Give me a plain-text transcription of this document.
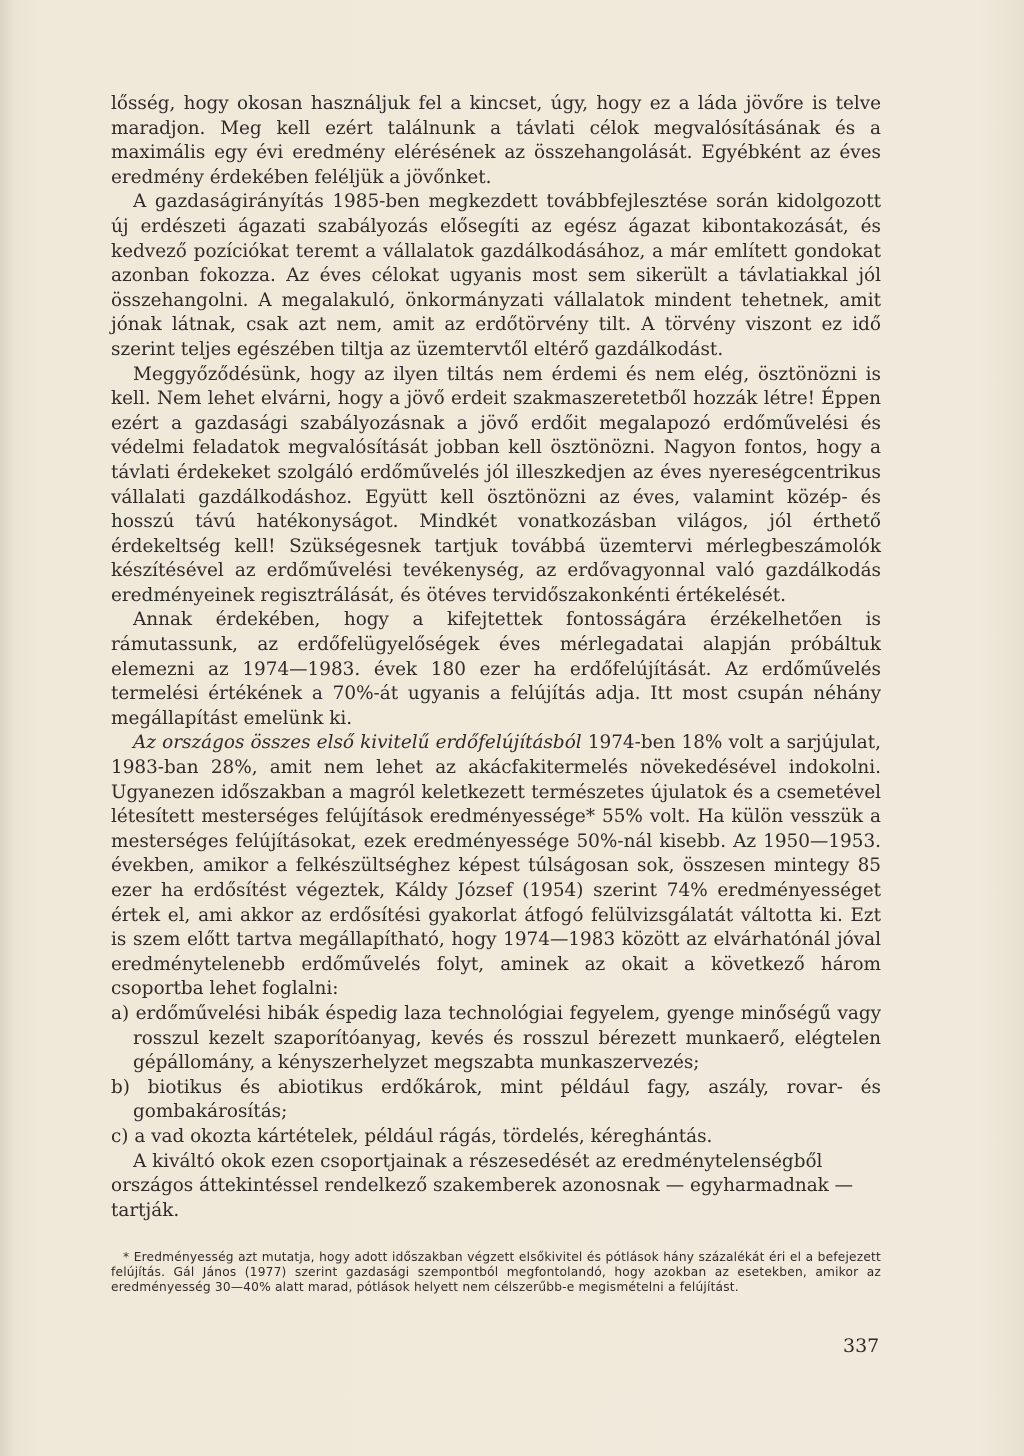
lősség, hogy okosan használjuk fel a kincset, úgy, hogy ez a láda jövőre is telve maradjon. Meg kell ezért találnunk a távlati célok megvalósításának és a maximális egy évi eredmény elérésének az összehangolását. Egyébként az éves eredmény érdekében feléljük a jövőnket.

A gazdaságirányítás 1985-ben megkezdett továbbfejlesztése során kidolgozott új erdészeti ágazati szabályozás elősegíti az egész ágazat kibontakozását, és kedvező pozíciókat teremt a vállalatok gazdálkodásához, a már említett gondokat azonban fokozza. Az éves célokat ugyanis most sem sikerült a távlatiakkal jól összehangolni. A megalakuló, önkormányzati vállalatok mindent tehetnek, amit jónak látnak, csak azt nem, amit az erdőtörvény tilt. A törvény viszont ez idő szerint teljes egészében tiltja az üzemtervtől eltérő gazdálkodást.

Meggyőződésünk, hogy az ilyen tiltás nem érdemi és nem elég, ösztönözni is kell. Nem lehet elvárni, hogy a jövő erdeit szakmaszeretetből hozzák létre! Éppen ezért a gazdasági szabályozásnak a jövő erdőit megalapozó erdőművelési és védelmi feladatok megvalósítását jobban kell ösztönözni. Nagyon fontos, hogy a távlati érdekeket szolgáló erdőművelés jól illeszkedjen az éves nyereségcentrikus vállalati gazdálkodáshoz. Együtt kell ösztönözni az éves, valamint közép- és hosszú távú hatékonyságot. Mindkét vonatkozásban világos, jól érthető érdekeltség kell! Szükségesnek tartjuk továbbá üzemtervi mérlegbeszámolók készítésével az erdőművelési tevékenység, az erdővagyonnal való gazdálkodás eredményeinek regisztrálását, és ötéves tervidőszakonkénti értékelését.

Annak érdekében, hogy a kifejtettek fontosságára érzékelhetően is rámutassunk, az erdőfelügyelőségek éves mérlegadatai alapján próbáltuk elemezni az 1974—1983. évek 180 ezer ha erdőfelújítását. Az erdőművelés termelési értékének a 70%-át ugyanis a felújítás adja. Itt most csupán néhány megállapítást emelünk ki.

Az országos összes első kivitelű erdőfelújításból 1974-ben 18% volt a sarjújulat, 1983-ban 28%, amit nem lehet az akácfakitermelés növekedésével indokolni. Ugyanezen időszakban a magról keletkezett természetes újulatok és a csemetével létesített mesterséges felújítások eredményessége* 55% volt. Ha külön vesszük a mesterséges felújításokat, ezek eredményessége 50%-nál kisebb. Az 1950—1953. években, amikor a felkészültséghez képest túlságosan sok, összesen mintegy 85 ezer ha erdősítést végeztek, Káldy József (1954) szerint 74% eredményességet értek el, ami akkor az erdősítési gyakorlat átfogó felülvizsgálatát váltotta ki. Ezt is szem előtt tartva megállapítható, hogy 1974—1983 között az elvárhatónál jóval eredménytelenebb erdőművelés folyt, aminek az okait a következő három csoportba lehet foglalni:

a) erdőművelési hibák éspedig laza technológiai fegyelem, gyenge minőségű vagy rosszul kezelt szaporítóanyag, kevés és rosszul bérezett munkaerő, elégtelen gépállomány, a kényszerhelyzet megszabta munkaszervezés;

b) biotikus és abiotikus erdőkárok, mint például fagy, aszály, rovar- és gombakárosítás;

c) a vad okozta kártételek, például rágás, tördelés, kéreghántás.

A kiváltó okok ezen csoportjainak a részesedését az eredménytelenségből országos áttekintéssel rendelkező szakemberek azonosnak — egyharmadnak — tartják.

* Eredményesség azt mutatja, hogy adott időszakban végzett elsőkivitel és pótlások hány százalékát éri el a befejezett felújítás. Gál János (1977) szerint gazdasági szempontból megfontolandó, hogy azokban az esetekben, amikor az eredményesség 30—40% alatt marad, pótlások helyett nem célszerűbb-e megismételni a felújítást.

337
